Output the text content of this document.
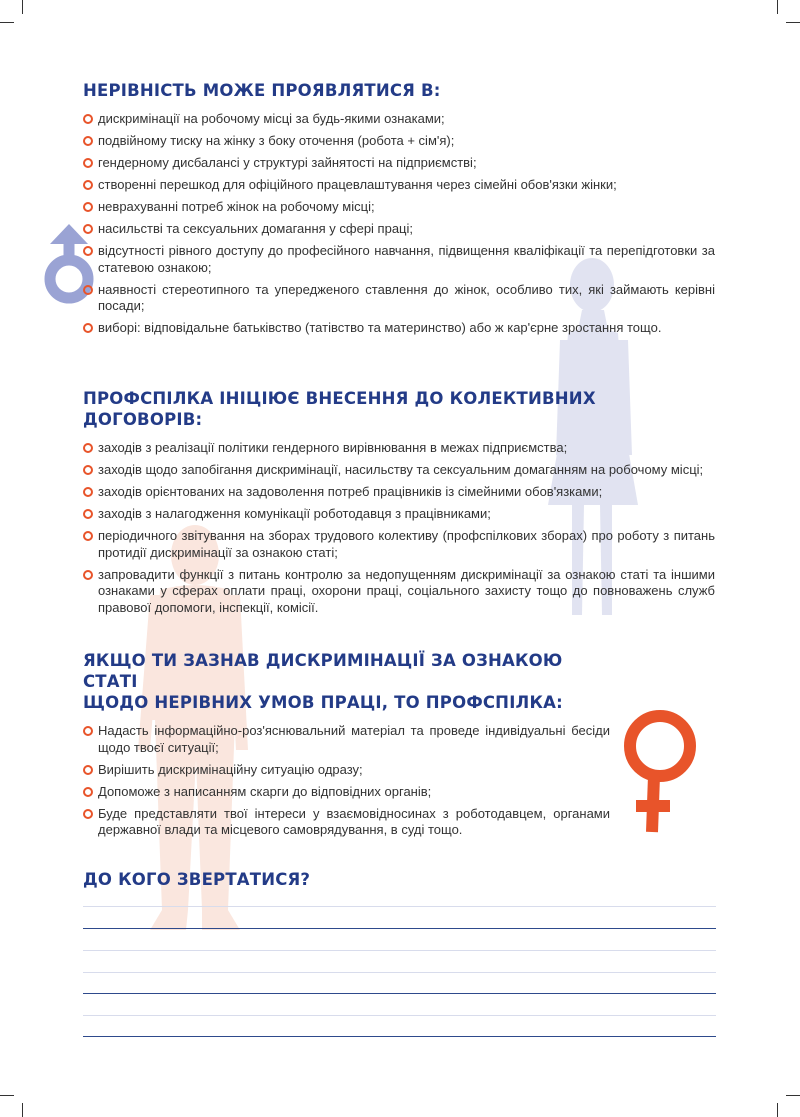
НЕРІВНІСТЬ МОЖЕ ПРОЯВЛЯТИСЯ В:
дискримінації на робочому місці за будь-якими ознаками;
подвійному тиску на жінку з боку оточення (робота + сім'я);
гендерному дисбалансі у структурі зайнятості на підприємстві;
створенні перешкод для офіційного працевлаштування через сімейні обов'язки жінки;
неврахуванні потреб жінок на робочому місці;
насильстві та сексуальних домагання у сфері праці;
відсутності рівного доступу до професійного навчання, підвищення кваліфікації та перепідготовки за статевою ознакою;
наявності стереотипного та упередженого ставлення до жінок, особливо тих, які займають керівні посади;
виборі: відповідальне батьківство (татівство та материнство) або ж кар'єрне зростання тощо.
ПРОФСПІЛКА ІНІЦІЮЄ ВНЕСЕННЯ ДО КОЛЕКТИВНИХ ДОГОВОРІВ:
заходів з реалізації політики гендерного вирівнювання в межах підприємства;
заходів щодо запобігання дискримінації, насильству та сексуальним домаганням на робочому місці;
заходів орієнтованих на задоволення потреб працівників із сімейними обов'язками;
заходів з налагодження комунікації роботодавця з працівниками;
періодичного звітування на зборах трудового колективу (профспілкових зборах) про роботу з питань протидії дискримінації за ознакою статі;
запровадити функції з питань контролю за недопущенням дискримінації за ознакою статі та іншими ознаками у сферах оплати праці, охорони праці, соціального захисту тощо до повноважень служб правової допомоги, інспекції, комісії.
ЯКЩО ТИ ЗАЗНАВ ДИСКРИМІНАЦІЇ ЗА ОЗНАКОЮ СТАТІ
ЩОДО НЕРІВНИХ УМОВ ПРАЦІ, ТО ПРОФСПІЛКА:
Надасть інформаційно-роз'яснювальний матеріал та проведе індивідуальні бесіди щодо твоєї ситуації;
Вирішить дискримінаційну ситуацію одразу;
Допоможе з написанням скарги до відповідних органів;
Буде представляти твої інтереси у взаємовідносинах з роботодавцем, органами державної влади та місцевого самоврядування, в суді тощо.
ДО КОГО ЗВЕРТАТИСЯ?
